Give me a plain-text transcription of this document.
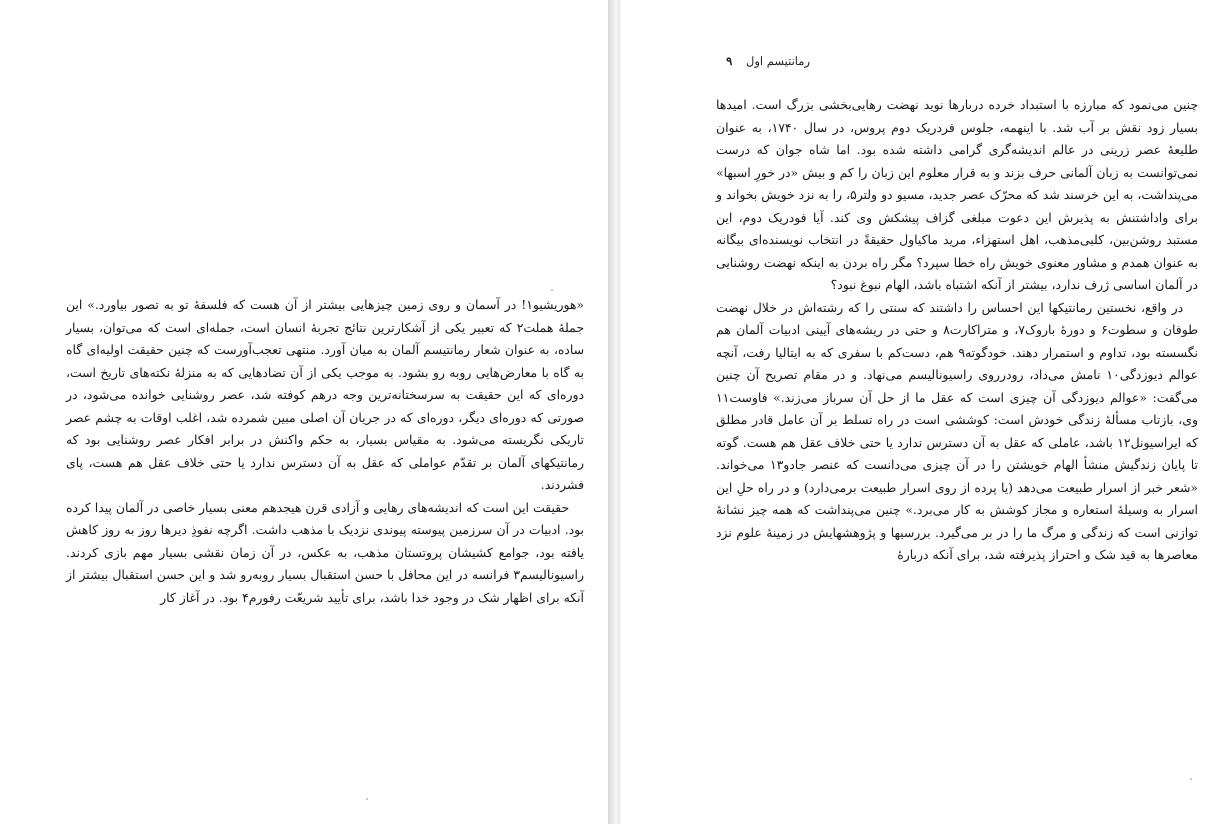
«هوریشیو۱! در آسمان و روی زمین چیزهایی بیشتر از آن هست که فلسفهٔ تو به تصور بیاورد.» این جملهٔ هملت۲ که تعبیر یکی از آشکارترین نتائج تجربهٔ انسان است، جمله‌ای است که می‌توان، بسیار ساده، به عنوان شعار رمانتیسم آلمان به میان آورد. منتهی تعجب‌آورست که چنین حقیقت اولیه‌ای گاه به گاه با معارض‌هایی روبه رو بشود. به موجب یکی از آن تضادهایی که به منزلهٔ نکته‌های تاریخ است، دوره‌ای که این حقیقت به سرسختانه‌ترین وجه درهم کوفته شد، عصر روشنایی خوانده می‌شود، در صورتی که دوره‌ای دیگر، دوره‌ای که در جریان آن اصلی مبین شمرده شد، اغلب اوقات به چشم عصر تاریکی نگریسته می‌شود. به مقیاس بسیار، به حکم واکنش در برابر افکار عصر روشنایی بود که رمانتیکهای آلمان بر تقدّم عواملی که عقل به آن دسترس ندارد یا حتی خلاف عقل هم هست، پای فشردند.

حقیقت این است که اندیشه‌های رهایی و آزادی قرن هیجدهم معنی بسیار خاصی در آلمان پیدا کرده بود. ادبیات در آن سرزمین پیوسته پیوندی نزدیک با مذهب داشت. اگرچه نفوذِ دیرها روز به روز کاهش یافته بود، جوامع کشیشان پروتستان مذهب، به عکس، در آن زمان نقشی بسیار مهم بازی کردند. راسیونالیسم۳ فرانسه در این محافل با حسن استقبال بسیار روبه‌رو شد و این حسن استقبال بیشتر از آنکه برای اظهار شک در وجود خدا باشد، برای تأیید شریعّت رفورم۴ بود. در آغاز کار

رمانتیسم اول ۹

چنین می‌نمود که مبارزه با استبداد خرده دربارها نوید نهضت رهایی‌بخشی بزرگ است. امیدها بسیار زود نقش بر آب شد. با اینهمه، جلوس فردریک دوم پروس، در سال ۱۷۴۰، به عنوان طلیعهٔ عصر زرینی در عالم اندیشه‌گری گرامی داشته شده بود. اما شاه جوان که درست نمی‌توانست به زبان آلمانی حرف بزند و به قرار معلوم این زبان را کم و بیش «در خورِ اسبها» می‌پنداشت، به این خرسند شد که محرّک عصر جدید، مسیو دو ولتر۵، را به نزد خویش بخواند و برای واداشتنش به پذیرش این دعوت مبلغی گزاف پیشکش وی کند. آیا فودریک دوم، این مستبد روشن‌بین، کلبی‌مذهب، اهل استهزاء، مرید ماکیاول حقیقةً در انتخاب نویسنده‌ای بیگانه به عنوان همدم و مشاور معنوی خویش راه خطا سپرد؟ مگر راه بردن به اینکه نهضت روشنایی در آلمان اساسی ژرف ندارد، بیشتر از آنکه اشتباه باشد، الهام نبوغ نبود؟

در واقع، نخستین رمانتیکها این احساس را داشتند که سنتی را که رشته‌اش در خلال نهضت طوفان و سطوت۶ و دورهٔ باروک۷، و متراکارت۸ و حتی در ریشه‌های آیینی ادبیات آلمان هم نگسسته بود، تداوم و استمرار دهند. خودگوته۹ هم، دست‌کم با سفری که به ایتالیا رفت، آنچه عوالم دیوزدگی۱۰ نامش می‌داد، رودرروی راسیونالیسم می‌نهاد. و در مقام تصریح آن چنین می‌گفت: «عوالم دیوزدگی آن چیزی است که عقل ما از حل آن سرباز می‌زند.» فاوست۱۱ وی، بازتاب مسألهٔ زندگی خودش است: کوششی است در راه تسلط بر آن عامل قادر مطلق که ایراسیونل۱۲ باشد، عاملی که عقل به آن دسترس ندارد یا حتی خلاف عقل هم هست. گوته تا پایان زندگیش منشأ الهام خویشتن را در آن چیزی می‌دانست که عنصر جادو۱۳ می‌خواند. «شعر خبر از اسرار طبیعت می‌دهد (یا پرده از روی اسرار طبیعت برمی‌دارد) و در راه حلِ این اسرار به وسیلهٔ استعاره و مجاز کوشش به کار می‌برد.» چنین می‌پنداشت که همه چیز نشانهٔ توازنی است که زندگی و مرگ ما را در بر می‌گیرد. بررسیها و پژوهشهایش در زمینهٔ علوم نزد معاصرها به قید شک و احتراز پذیرفته شد، برای آنکه دربارهٔ
